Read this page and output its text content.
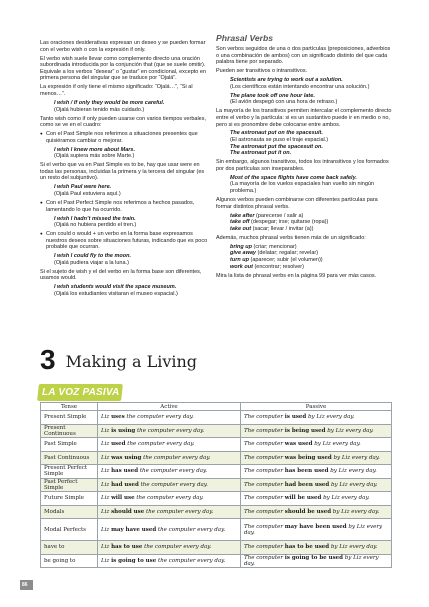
Las oraciones desiderativas expresan un deseo y se pueden formar con el verbo wish o con la expresión if only.

El verbo wish suele llevar como complemento directo una oración subordinada introducida por la conjunción that (que se suele omitir). Equivale a los verbos “desear” o “gustar” en condicional, excepto en primera persona del singular que se traduce por “Ojalá”.

La expresión if only tiene el mismo significado: “Ojalá…”, “Si al menos…”.

I wish / If only they would be more careful.
(Ojalá hubieran tenido más cuidado.)

Tanto wish como if only pueden usarse con varios tiempos verbales, como se ve en el cuadro:

● Con el Past Simple nos referimos a situaciones presentes que quisiéramos cambiar o mejorar.
I wish I knew more about Mars.
(Ojalá supiera más sobre Marte.)

Si el verbo que va en Past Simple es to be, hay que usar were en todas las personas, incluidas la primera y la tercera del singular (es un resto del subjuntivo).

I wish Paul were here.
(Ojalá Paul estuviera aquí.)
● Con el Past Perfect Simple nos referimos a hechos pasados, lamentando lo que ha ocurrido.
I wish I hadn’t missed the train.
(Ojalá no hubiera perdido el tren.)
● Con could o would + un verbo en la forma base expresamos nuestros deseos sobre situaciones futuras, indicando que es poco probable que ocurran.
I wish I could fly to the moon.
(Ojalá pudiera viajar a la luna.)

Si el sujeto de wish y el del verbo en la forma base son diferentes, usamos would.

I wish students would visit the space museum.
(Ojalá los estudiantes visitaran el museo espacial.)
Phrasal Verbs

Son verbos seguidos de una o dos partículas (preposiciones, adverbios o una combinación de ambos) con un significado distinto del que cada palabra tiene por separado.

Pueden ser transitivos o intransitivos.

Scientists are trying to work out a solution.
(Los científicos están intentando encontrar una solución.)
The plane took off one hour late.
(El avión despegó con una hora de retraso.)

La mayoría de los transitivos permiten intercalar el complemento directo entre el verbo y la partícula: si es un sustantivo puede ir en medio o no, pero si es pronombre debe colocarse entre ambos.

The astronaut put on the spacesuit.
(El astronauta se puso el traje espacial.)
The astronaut put the spacesuit on.
The astronaut put it on.

Sin embargo, algunos transitivos, todos los intransitivos y los formados por dos partículas son inseparables.

Most of the space flights have come back safely.
(La mayoría de los vuelos espaciales han vuelto sin ningún problema.)

Algunos verbos pueden combinarse con diferentes partículas para formar distintos phrasal verbs.

take after (parecerse / salir a)
take off (despegar; irse; quitarse (ropa))
take out (sacar; llevar / invitar (a))

Además, muchos phrasal verbs tienen más de un significado:

bring up (criar; mencionar)
give away (delatar; regalar; revelar)
turn up (aparecer; subir (el volumen))
work out (encontrar; resolver)

Mira la lista de phrasal verbs en la página 99 para ver más casos.

3 Making a Living
LA VOZ PASIVA
Tense	Active	Passive
Present Simple	Liz uses the computer every day.	The computer is used by Liz every day.
Present Continuous	Liz is using the computer every day.	The computer is being used by Liz every day.
Past Simple	Liz used the computer every day.	The computer was used by Liz every day.
Past Continuous	Liz was using the computer every day.	The computer was being used by Liz every day.
Present Perfect Simple	Liz has used the computer every day.	The computer has been used by Liz every day.
Past Perfect Simple	Liz had used the computer every day.	The computer had been used by Liz every day.
Future Simple	Liz will use the computer every day.	The computer will be used by Liz every day.
Modals	Liz should use the computer every day.	The computer should be used by Liz every day.
Modal Perfects	Liz may have used the computer every day.	The computer may have been used by Liz every day.
have to	Liz has to use the computer every day.	The computer has to be used by Liz every day.
be going to	Liz is going to use the computer every day.	The computer is going to be used by Liz every day.
86
